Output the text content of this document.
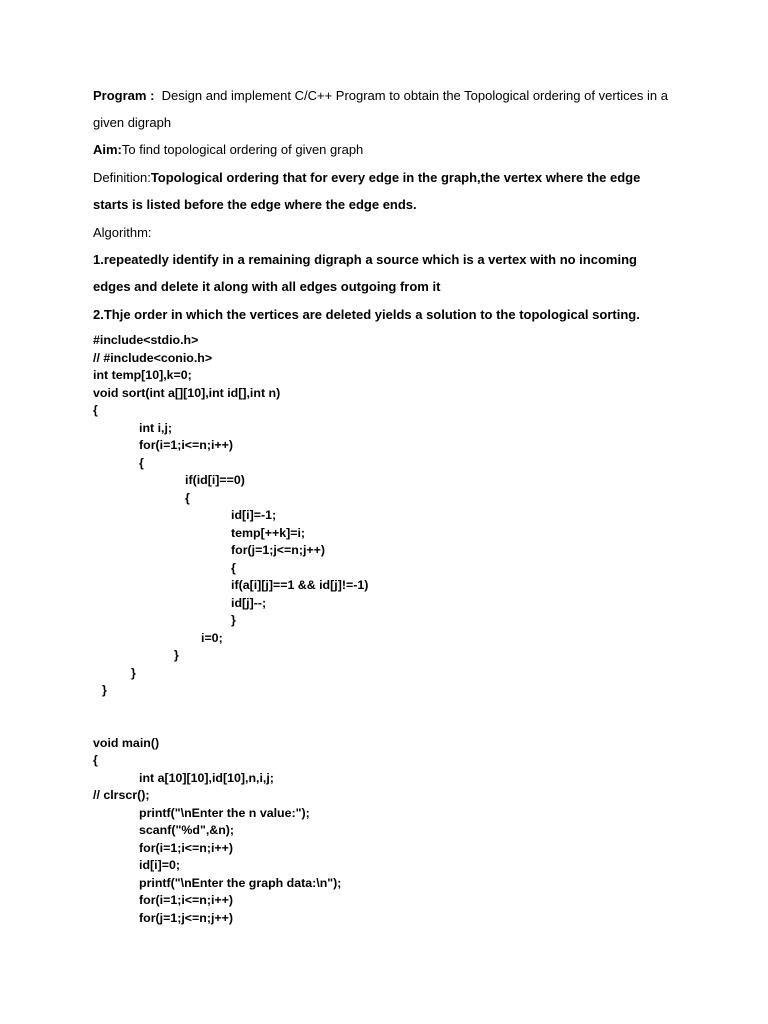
Program :  Design and implement C/C++ Program to obtain the Topological ordering of vertices in a
given digraph
Aim:To find topological ordering of given graph
Definition:Topological ordering that for every edge in the graph,the vertex where the edge
starts is listed before the edge where the edge ends.
Algorithm:
1.repeatedly identify in a remaining digraph a source which is a vertex with no incoming
edges and delete it along with all edges outgoing from it
2.Thje order in which the vertices are deleted yields a solution to the topological sorting.
#include<stdio.h>
// #include<conio.h>
int temp[10],k=0;
void sort(int a[][10],int id[],int n)
{
int i,j;
for(i=1;i<=n;i++)
{
if(id[i]==0)
{
id[i]=-1;
temp[++k]=i;
for(j=1;j<=n;j++)
{
if(a[i][j]==1 && id[j]!=-1)
id[j]--;
}
i=0;
}
}
}
void main()
{
int a[10][10],id[10],n,i,j;
// clrscr();
printf("\nEnter the n value:");
scanf("%d",&n);
for(i=1;i<=n;i++)
id[i]=0;
printf("\nEnter the graph data:\n");
for(i=1;i<=n;i++)
for(j=1;j<=n;j++)
